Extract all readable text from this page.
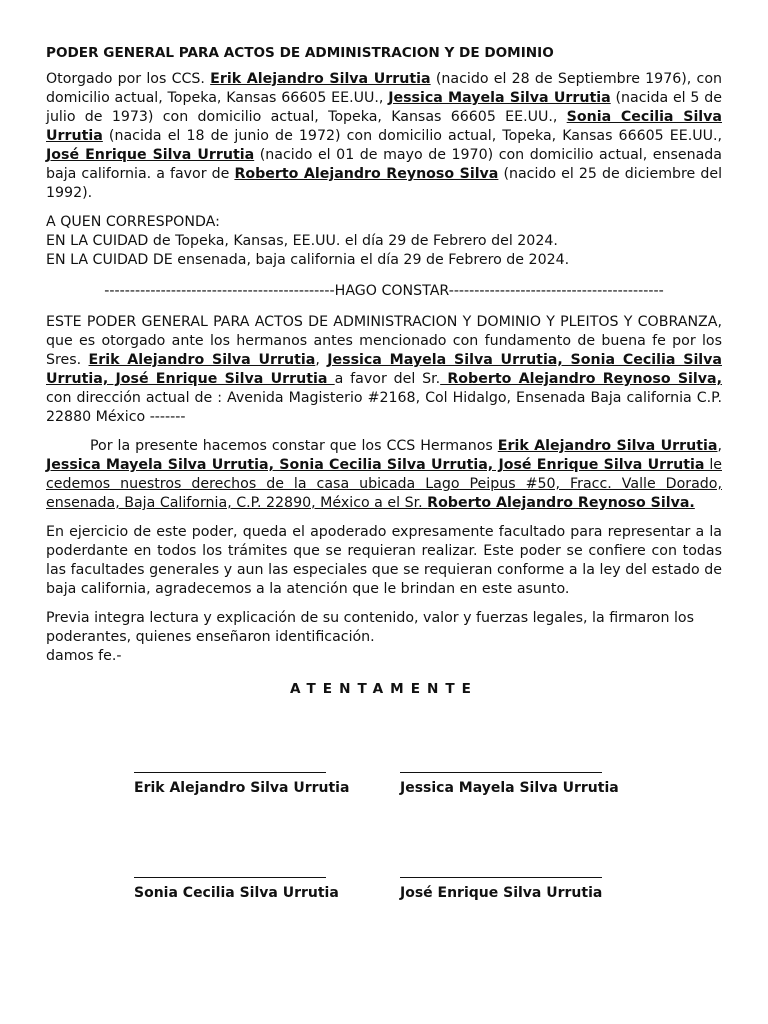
PODER GENERAL PARA ACTOS DE ADMINISTRACION Y DE DOMINIO

Otorgado por los CCS. Erik Alejandro Silva Urrutia (nacido el 28 de Septiembre 1976), con domicilio actual, Topeka, Kansas 66605 EE.UU., Jessica Mayela Silva Urrutia (nacida el 5 de julio de 1973) con domicilio actual, Topeka, Kansas 66605 EE.UU., Sonia Cecilia Silva Urrutia (nacida el 18 de junio de 1972) con domicilio actual, Topeka, Kansas 66605 EE.UU., José Enrique Silva Urrutia (nacido el 01 de mayo de 1970) con domicilio actual, ensenada baja california. a favor de Roberto Alejandro Reynoso Silva (nacido el 25 de diciembre del 1992).

A QUEN CORRESPONDA:
EN LA CUIDAD de Topeka, Kansas, EE.UU. el día 29 de Febrero del 2024.
EN LA CUIDAD DE ensenada, baja california el día 29 de Febrero de 2024.

---------------------------------------------HAGO CONSTAR------------------------------------------

ESTE PODER GENERAL PARA ACTOS DE ADMINISTRACION Y DOMINIO Y PLEITOS Y COBRANZA, que es otorgado ante los hermanos antes mencionado con fundamento de buena fe por los Sres. Erik Alejandro Silva Urrutia, Jessica Mayela Silva Urrutia, Sonia Cecilia Silva Urrutia, José Enrique Silva Urrutia a favor del Sr. Roberto Alejandro Reynoso Silva, con dirección actual de : Avenida Magisterio #2168, Col Hidalgo, Ensenada Baja california C.P. 22880 México -------

Por la presente hacemos constar que los CCS Hermanos Erik Alejandro Silva Urrutia, Jessica Mayela Silva Urrutia, Sonia Cecilia Silva Urrutia, José Enrique Silva Urrutia le cedemos nuestros derechos de la casa ubicada Lago Peipus #50, Fracc. Valle Dorado, ensenada, Baja California, C.P. 22890, México a el Sr. Roberto Alejandro Reynoso Silva.

En ejercicio de este poder, queda el apoderado expresamente facultado para representar a la poderdante en todos los trámites que se requieran realizar. Este poder se confiere con todas las facultades generales y aun las especiales que se requieran conforme a la ley del estado de baja california, agradecemos a la atención que le brindan en este asunto.

Previa integra lectura y explicación de su contenido, valor y fuerzas legales, la firmaron los poderantes, quienes enseñaron identificación.
damos fe.-

ATENTAMENTE
Erik Alejandro Silva Urrutia	Jessica Mayela Silva Urrutia
Sonia Cecilia Silva Urrutia	José Enrique Silva Urrutia
